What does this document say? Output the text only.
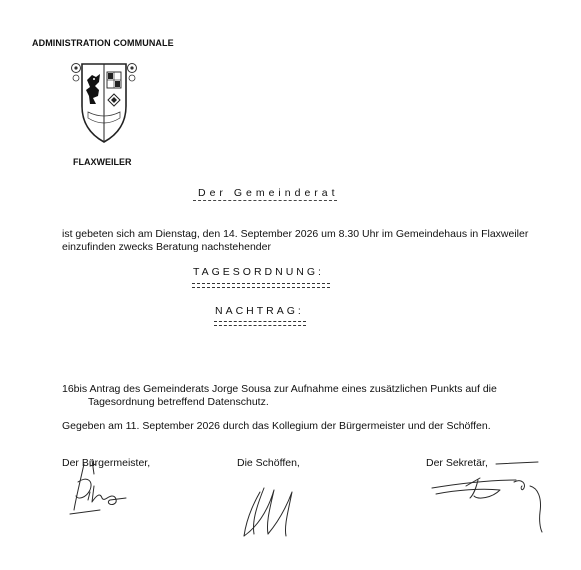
ADMINISTRATION COMMUNALE
FLAXWEILER
Der Gemeinderat
ist gebeten sich am Dienstag, den 14. September 2026 um 8.30 Uhr im Gemeindehaus in Flaxweiler einzufinden zwecks Beratung nachstehender
TAGESORDNUNG:
NACHTRAG:
16bis Antrag des Gemeinderats Jorge Sousa zur Aufnahme eines zusätzlichen Punkts auf die
Tagesordnung betreffend Datenschutz.
Gegeben am 11. September 2026 durch das Kollegium der Bürgermeister und der Schöffen.
Der Bürgermeister,	Die Schöffen,	Der Sekretär,
